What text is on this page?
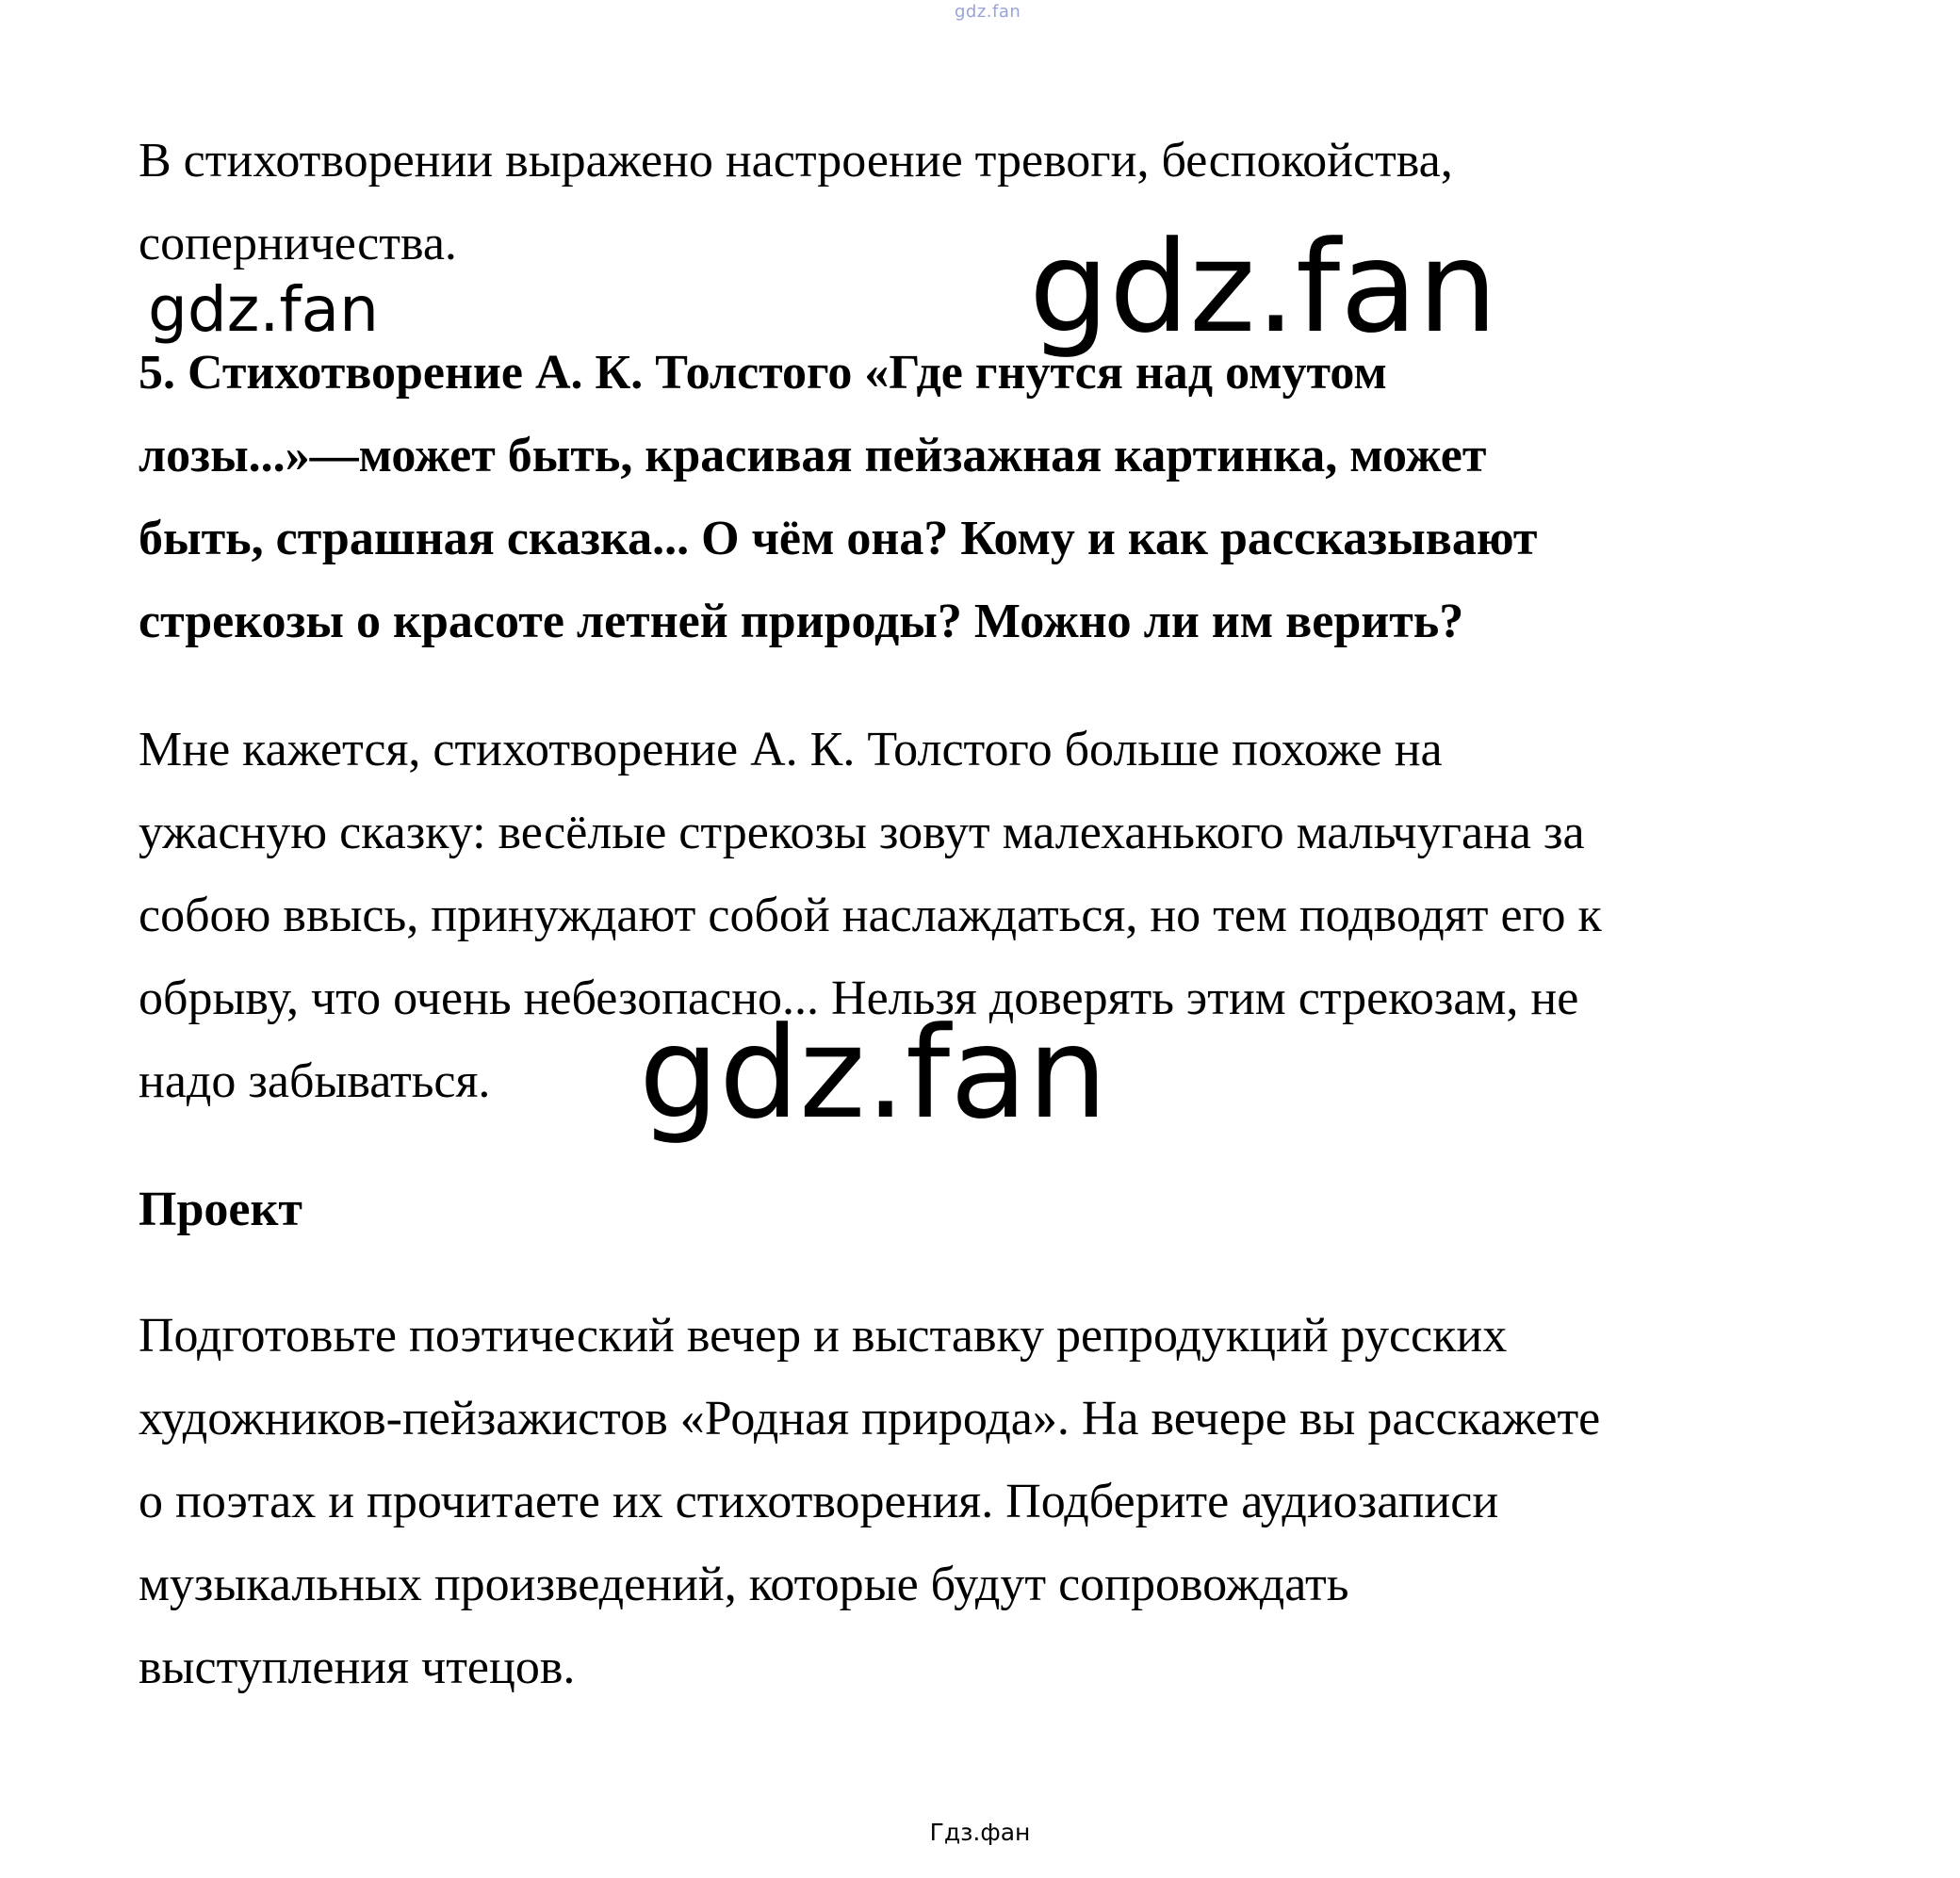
gdz.fan

В стихотворении выражено настроение тревоги, беспокойства,
соперничества.

gdz.fan	gdz.fan

5. Стихотворение А. К. Толстого «Где гнутся над омутом
лозы...»—может быть, красивая пейзажная картинка, может
быть, страшная сказка... О чём она? Кому и как рассказывают
стрекозы о красоте летней природы? Можно ли им верить?

Мне кажется, стихотворение А. К. Толстого больше похоже на
ужасную сказку: весёлые стрекозы зовут малеханького мальчугана за
собою ввысь, принуждают собой наслаждаться, но тем подводят его к
обрыву, что очень небезопасно... Нельзя доверять этим стрекозам, не
надо забываться.	gdz.fan

Проект

Подготовьте поэтический вечер и выставку репродукций русских
художников-пейзажистов «Родная природа». На вечере вы расскажете
о поэтах и прочитаете их стихотворения. Подберите аудиозаписи
музыкальных произведений, которые будут сопровождать
выступления чтецов.

Гдз.фан
